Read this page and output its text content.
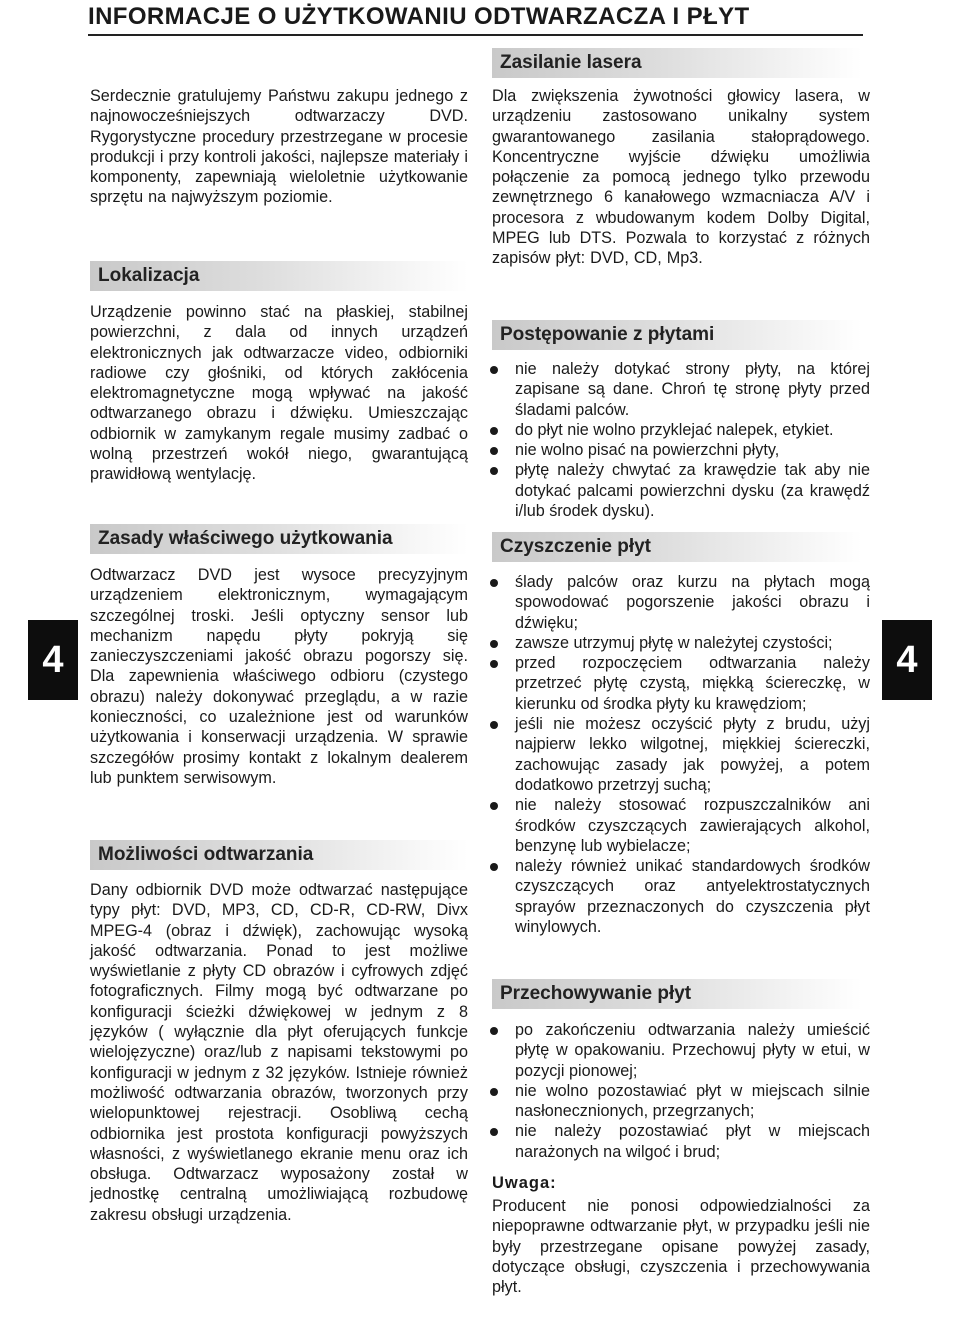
INFORMACJE O UŻYTKOWANIU ODTWARZACZA I PŁYT

Serdecznie gratulujemy Państwu zakupu jednego z najnowocześniejszych odtwarzaczy DVD. Rygorystyczne procedury przestrzegane w procesie produkcji i przy kontroli jakości, najlepsze materiały i komponenty, zapewniają wieloletnie użytkowanie sprzętu na najwyższym poziomie.

Lokalizacja

Urządzenie powinno stać na płaskiej, stabilnej powierzchni, z dala od innych urządzeń elektronicznych jak odtwarzacze video, odbiorniki radiowe czy głośniki, od których zakłócenia elektromagnetyczne mogą wpływać na jakość odtwarzanego obrazu i dźwięku. Umieszczając odbiornik w zamykanym regale musimy zadbać o wolną przestrzeń wokół niego, gwarantującą prawidłową wentylację.

Zasady właściwego użytkowania

Odtwarzacz DVD jest wysoce precyzyjnym urządzeniem elektronicznym, wymagającym szczególnej troski. Jeśli optyczny sensor lub mechanizm napędu płyty pokryją się zanieczyszczeniami jakość obrazu pogorszy się. Dla zapewnienia właściwego odbioru (czystego obrazu) należy dokonywać przeglądu, a w razie konieczności, co uzależnione jest od warunków użytkowania i konserwacji urządzenia. W sprawie szczegółów prosimy kontakt z lokalnym dealerem lub punktem serwisowym.

Możliwości odtwarzania

Dany odbiornik DVD może odtwarzać następujące typy płyt: DVD, MP3, CD, CD-R, CD-RW, Divx MPEG-4 (obraz i dźwięk), zachowując wysoką jakość odtwarzania. Ponad to jest możliwe wyświetlanie z płyty CD obrazów i cyfrowych zdjęć fotograficznych. Filmy mogą być odtwarzane po konfiguracji ścieżki dźwiękowej w jednym z 8 języków ( wyłącznie dla płyt oferujących funkcje wielojęzyczne) oraz/lub z napisami tekstowymi po konfiguracji w jednym z 32 języków. Istnieje również możliwość odtwarzania obrazów, tworzonych przy wielopunktowej rejestracji. Osobliwą cechą odbiornika jest prostota konfiguracji powyższych własności, z wyświetlanego ekranie menu oraz ich obsługa. Odtwarzacz wyposażony został w jednostkę centralną umożliwiającą rozbudowę zakresu obsługi urządzenia.

Zasilanie lasera

Dla zwiększenia żywotności głowicy lasera, w urządzeniu zastosowano unikalny system gwarantowanego zasilania stałoprądowego. Koncentryczne wyjście dźwięku umożliwia połączenie za pomocą jednego tylko przewodu zewnętrznego 6 kanałowego wzmacniacza A/V i procesora z wbudowanym kodem Dolby Digital, MPEG lub DTS. Pozwala to korzystać z różnych zapisów płyt: DVD, CD, Mp3.

Postępowanie z płytami
nie należy dotykać strony płyty, na której zapisane są dane. Chroń tę stronę płyty przed śladami palców.
do płyt nie wolno przyklejać nalepek, etykiet.
nie wolno pisać na powierzchni płyty,
płytę należy chwytać za krawędzie tak aby nie dotykać palcami powierzchni dysku (za krawędź i/lub środek dysku).
Czyszczenie płyt
ślady palców oraz kurzu na płytach mogą spowodować pogorszenie jakości obrazu i dźwięku;
zawsze utrzymuj płytę w należytej czystości;
przed rozpoczęciem odtwarzania należy przetrzeć płytę czystą, miękką ściereczkę, w kierunku od środka płyty ku krawędziom;
jeśli nie możesz oczyścić płyty z brudu, użyj najpierw lekko wilgotnej, miękkiej ściereczki, zachowując zasady jak powyżej, a potem dodatkowo przetrzyj suchą;
nie należy stosować rozpuszczalników ani środków czyszczących zawierających alkohol, benzynę lub wybielacze;
należy również unikać standardowych środków czyszczących oraz antyelektrostatycznych sprayów przeznaczonych do czyszczenia płyt winylowych.
Przechowywanie płyt
po zakończeniu odtwarzania należy umieścić płytę w opakowaniu. Przechowuj płyty w etui, w pozycji pionowej;
nie wolno pozostawiać płyt w miejscach silnie nasłonecznionych, przegrzanych;
nie należy pozostawiać płyt w miejscach narażonych na wilgoć i brud;

Uwaga:

Producent nie ponosi odpowiedzialności za niepoprawne odtwarzanie płyt, w przypadku jeśli nie były przestrzegane opisane powyżej zasady, dotyczące obsługi, czyszczenia i przechowywania płyt.

4	4
